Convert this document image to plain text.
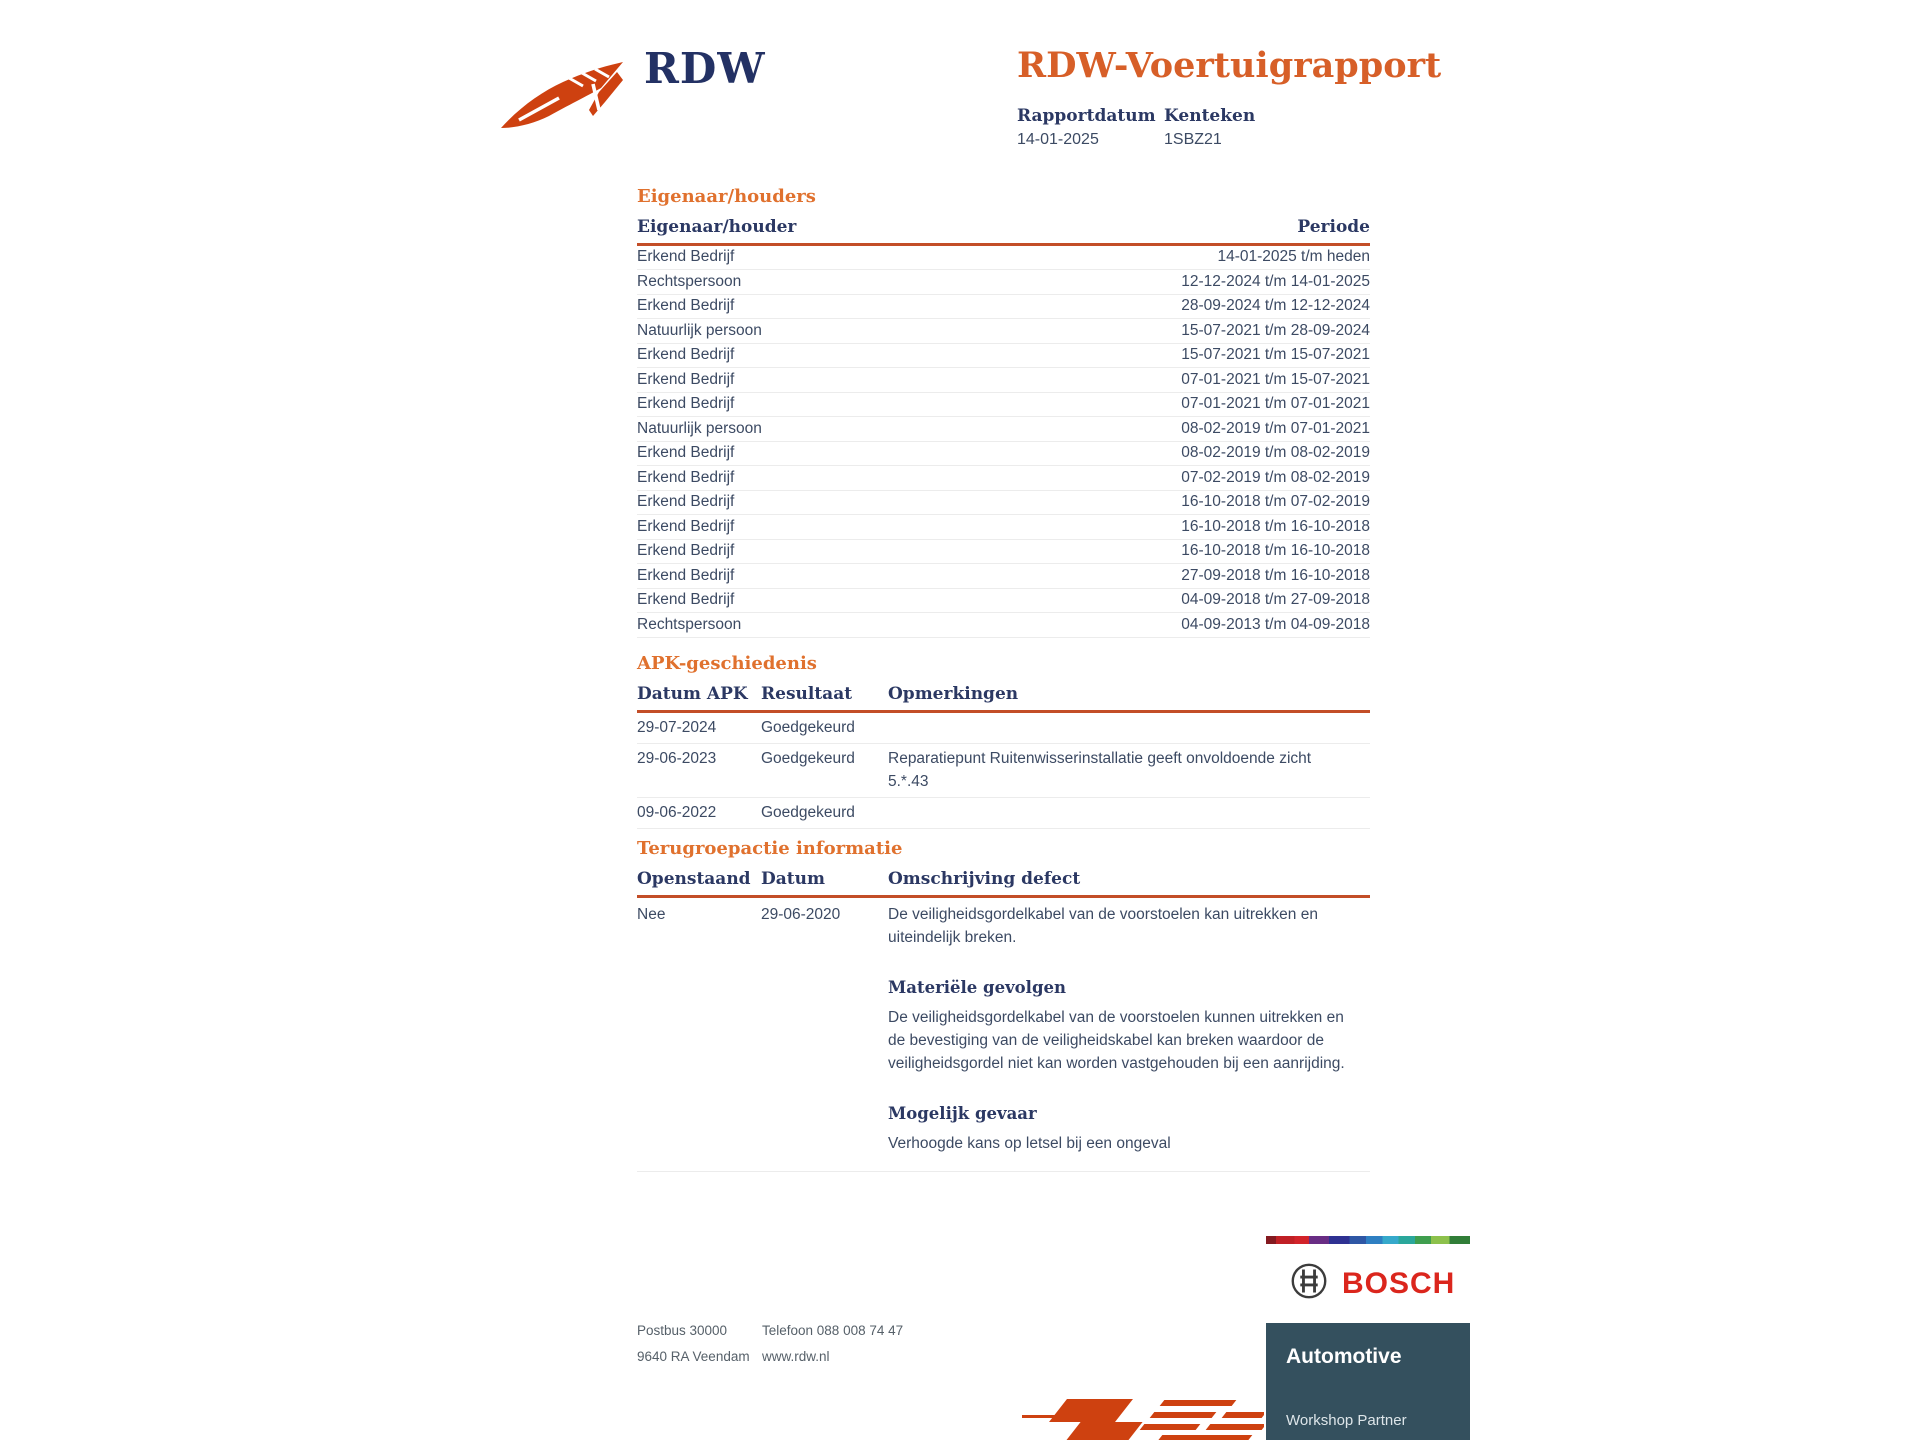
RDW	RDW-Voertuigrapport
Rapportdatum Kenteken
14-01-2025	1SBZ21
Eigenaar/houders
Eigenaar/houder	Periode
Erkend Bedrijf	14-01-2025 t/m heden
Rechtspersoon	12-12-2024 t/m 14-01-2025
Erkend Bedrijf	28-09-2024 t/m 12-12-2024
Natuurlijk persoon	15-07-2021 t/m 28-09-2024
Erkend Bedrijf	15-07-2021 t/m 15-07-2021
Erkend Bedrijf	07-01-2021 t/m 15-07-2021
Erkend Bedrijf	07-01-2021 t/m 07-01-2021
Natuurlijk persoon	08-02-2019 t/m 07-01-2021
Erkend Bedrijf	08-02-2019 t/m 08-02-2019
Erkend Bedrijf	07-02-2019 t/m 08-02-2019
Erkend Bedrijf	16-10-2018 t/m 07-02-2019
Erkend Bedrijf	16-10-2018 t/m 16-10-2018
Erkend Bedrijf	16-10-2018 t/m 16-10-2018
Erkend Bedrijf	27-09-2018 t/m 16-10-2018
Erkend Bedrijf	04-09-2018 t/m 27-09-2018
Rechtspersoon	04-09-2013 t/m 04-09-2018
APK-geschiedenis
Datum APK Resultaat	Opmerkingen
29-07-2024	Goedgekeurd
29-06-2023	Goedgekeurd	Reparatiepunt Ruitenwisserinstallatie geeft onvoldoende zicht 5.*.43
09-06-2022	Goedgekeurd
Terugroepactie informatie
Openstaand Datum	Omschrijving defect
Nee	29-06-2020	De veiligheidsgordelkabel van de voorstoelen kan uitrekken en uiteindelijk breken.
Materiële gevolgen
De veiligheidsgordelkabel van de voorstoelen kunnen uitrekken en de bevestiging van de veiligheidskabel kan breken waardoor de veiligheidsgordel niet kan worden vastgehouden bij een aanrijding.
Mogelijk gevaar
Verhoogde kans op letsel bij een ongeval
Postbus 30000	Telefoon 088 008 74 47
9640 RA Veendam www.rdw.nl
BOSCH
Automotive
Workshop Partner
